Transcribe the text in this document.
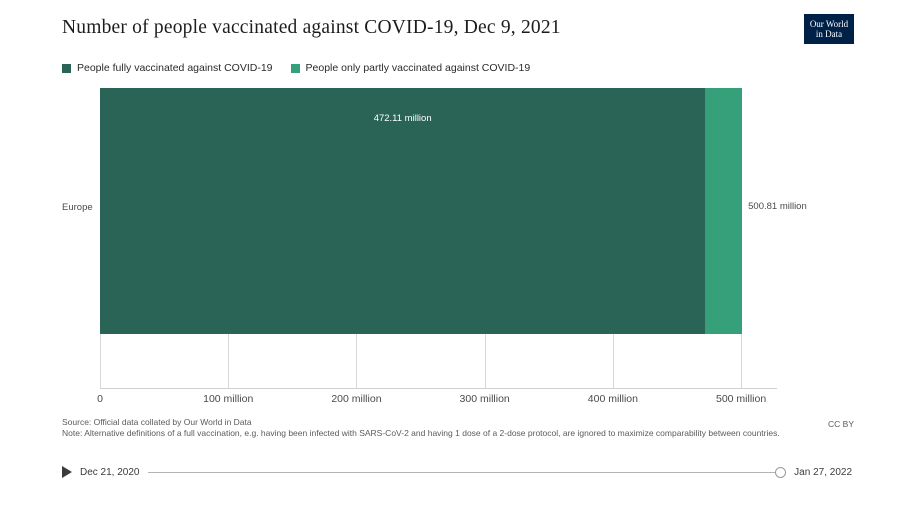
Number of people vaccinated against COVID-19, Dec 9, 2021	Our World
in Data
People fully vaccinated against COVID-19	People only partly vaccinated against COVID-19
472.11 million
500.81 million
Europe
0	100 million	200 million	300 million	400 million	500 million
Source: Official data collated by Our World in Data
Note: Alternative definitions of a full vaccination, e.g. having been infected with SARS-CoV-2 and having 1 dose of a 2-dose protocol, are ignored to maximize comparability between countries.
CC BY
Dec 21, 2020	Jan 27, 2022
